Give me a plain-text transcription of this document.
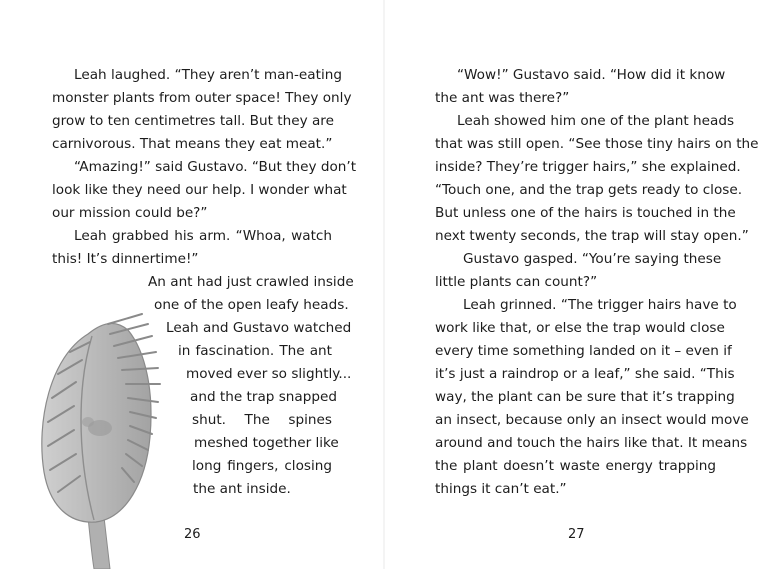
Leah laughed. “They aren’t man-eating
monster plants from outer space! They only
grow to ten centimetres tall. But they are
carnivorous. That means they eat meat.”
“Amazing!” said Gustavo. “But they don’t
look like they need our help. I wonder what
our mission could be?”
Leah grabbed his arm. “Whoa, watch
this! It’s dinnertime!”
An ant had just crawled inside
one of the open leafy heads.
Leah and Gustavo watched
in fascination. The ant
moved ever so slightly...
and the trap snapped
shut. The spines
meshed together like
long fingers, closing
the ant inside.
26
“Wow!” Gustavo said. “How did it know
the ant was there?”
Leah showed him one of the plant heads
that was still open. “See those tiny hairs on the
inside? They’re trigger hairs,” she explained.
“Touch one, and the trap gets ready to close.
But unless one of the hairs is touched in the
next twenty seconds, the trap will stay open.”
Gustavo gasped. “You’re saying these
little plants can count?”
Leah grinned. “The trigger hairs have to
work like that, or else the trap would close
every time something landed on it – even if
it’s just a raindrop or a leaf,” she said. “This
way, the plant can be sure that it’s trapping
an insect, because only an insect would move
around and touch the hairs like that. It means
the plant doesn’t waste energy trapping
things it can’t eat.”
27
